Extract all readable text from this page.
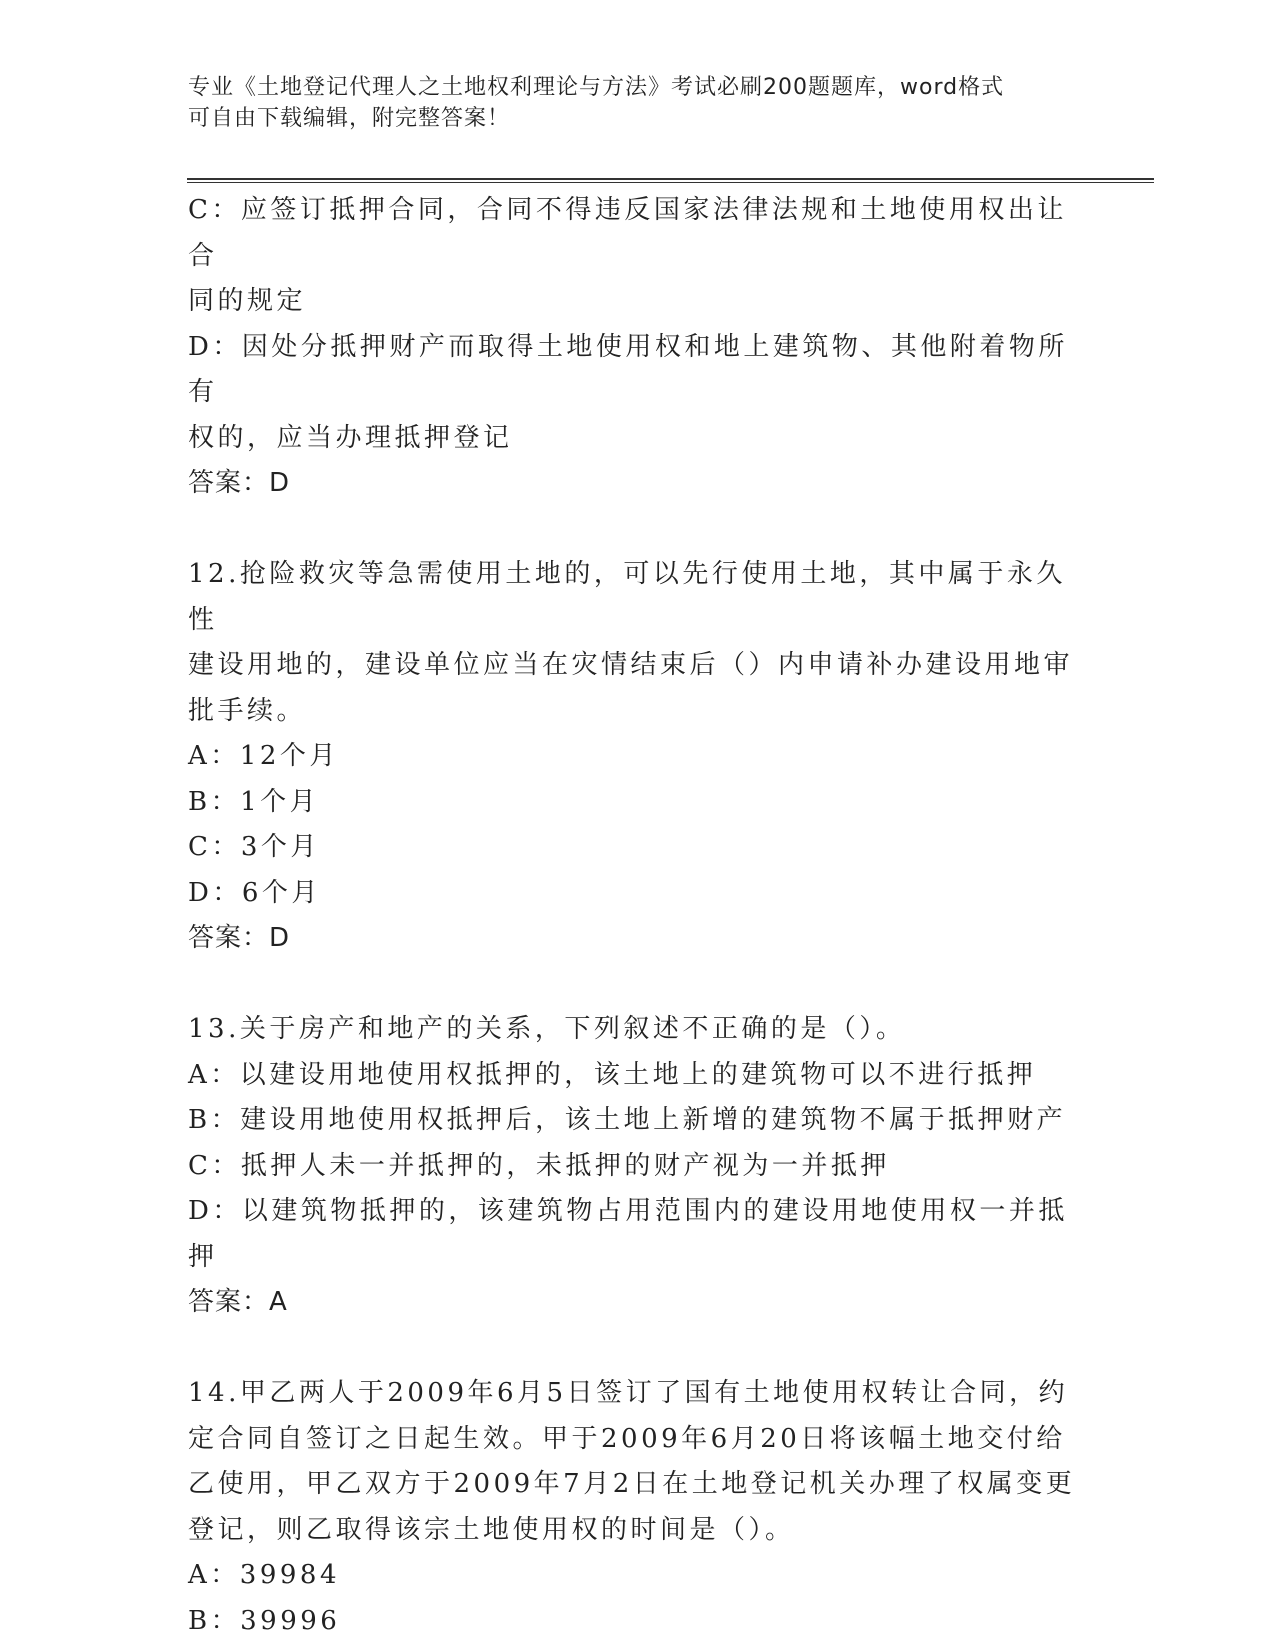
专业《土地登记代理人之土地权利理论与方法》考试必刷200题题库，word格式
可自由下载编辑，附完整答案！

C：应签订抵押合同，合同不得违反国家法律法规和土地使用权出让合

同的规定

D：因处分抵押财产而取得土地使用权和地上建筑物、其他附着物所有

权的，应当办理抵押登记

答案：D

12.抢险救灾等急需使用土地的，可以先行使用土地，其中属于永久性

建设用地的，建设单位应当在灾情结束后（）内申请补办建设用地审

批手续。

A：12个月

B：1个月

C：3个月

D：6个月

答案：D

13.关于房产和地产的关系，下列叙述不正确的是（）。

A：以建设用地使用权抵押的，该土地上的建筑物可以不进行抵押

B：建设用地使用权抵押后，该土地上新增的建筑物不属于抵押财产

C：抵押人未一并抵押的，未抵押的财产视为一并抵押

D：以建筑物抵押的，该建筑物占用范围内的建设用地使用权一并抵押

答案：A

14.甲乙两人于2009年6月5日签订了国有土地使用权转让合同，约

定合同自签订之日起生效。甲于2009年6月20日将该幅土地交付给

乙使用，甲乙双方于2009年7月2日在土地登记机关办理了权属变更

登记，则乙取得该宗土地使用权的时间是（）。

A：39984

B：39996
